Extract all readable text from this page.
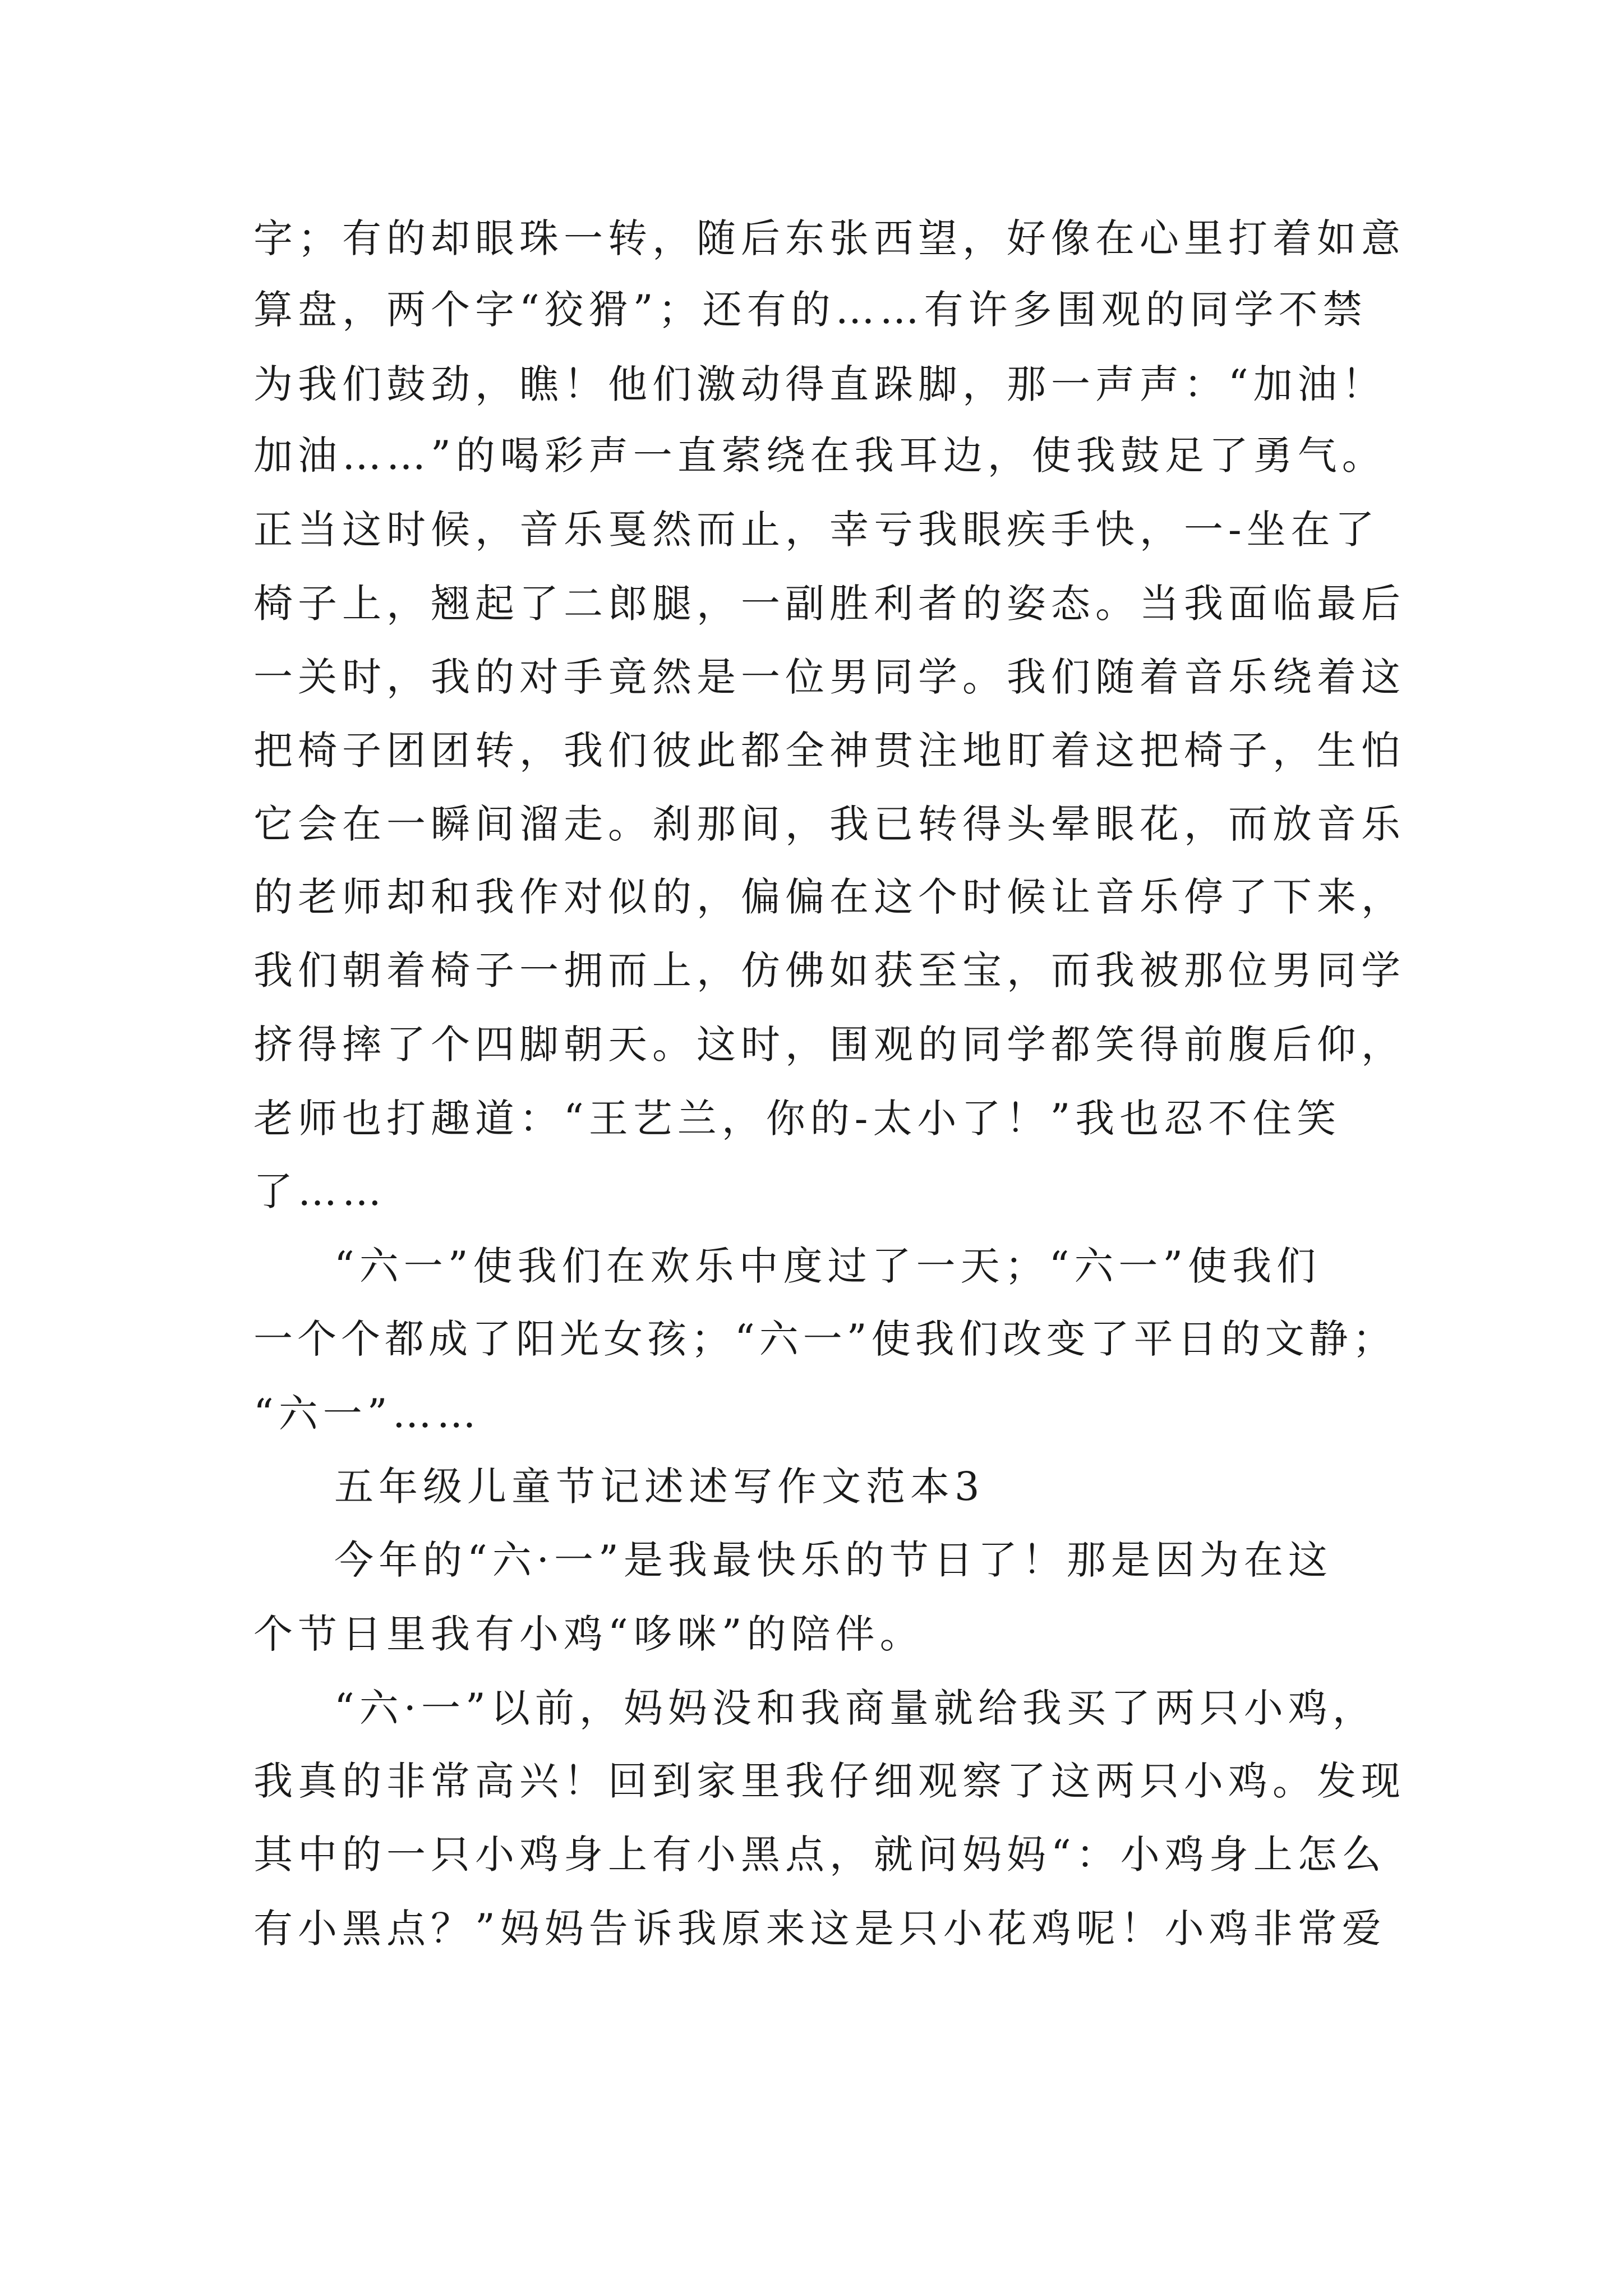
字；有的却眼珠一转，随后东张西望，好像在心里打着如意
算盘，两个字“狡猾”；还有的……有许多围观的同学不禁
为我们鼓劲，瞧！他们激动得直跺脚，那一声声：“加油！
加油……”的喝彩声一直萦绕在我耳边，使我鼓足了勇气。
正当这时候，音乐戛然而止，幸亏我眼疾手快，一-坐在了
椅子上，翘起了二郎腿，一副胜利者的姿态。当我面临最后
一关时，我的对手竟然是一位男同学。我们随着音乐绕着这
把椅子团团转，我们彼此都全神贯注地盯着这把椅子，生怕
它会在一瞬间溜走。刹那间，我已转得头晕眼花，而放音乐
的老师却和我作对似的，偏偏在这个时候让音乐停了下来，
我们朝着椅子一拥而上，仿佛如获至宝，而我被那位男同学
挤得摔了个四脚朝天。这时，围观的同学都笑得前腹后仰，
老师也打趣道：“王艺兰，你的-太小了！”我也忍不住笑
了……
“六一”使我们在欢乐中度过了一天；“六一”使我们
一个个都成了阳光女孩；“六一”使我们改变了平日的文静；
“六一”……
五年级儿童节记述述写作文范本3
今年的“六·一”是我最快乐的节日了！那是因为在这
个节日里我有小鸡“哆咪”的陪伴。
“六·一”以前，妈妈没和我商量就给我买了两只小鸡，
我真的非常高兴！回到家里我仔细观察了这两只小鸡。发现
其中的一只小鸡身上有小黑点，就问妈妈“：小鸡身上怎么
有小黑点？”妈妈告诉我原来这是只小花鸡呢！小鸡非常爱
